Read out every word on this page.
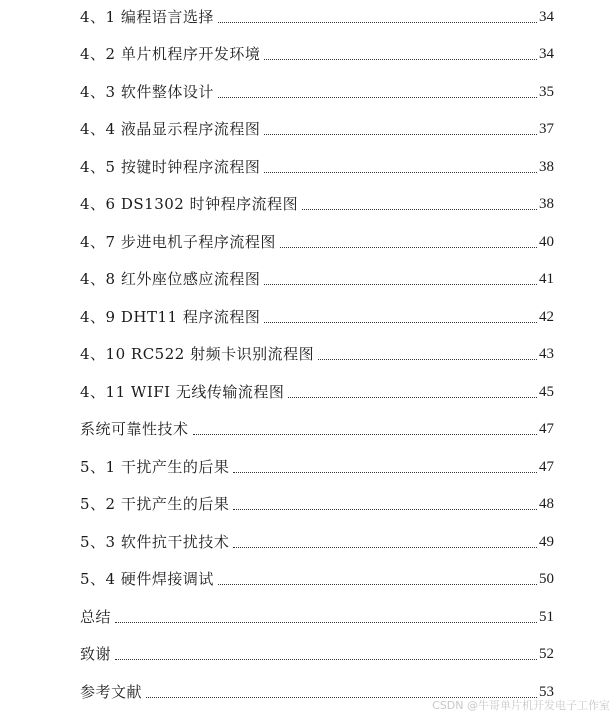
4、1 编程语言选择	34
4、2 单片机程序开发环境	34
4、3 软件整体设计	35
4、4 液晶显示程序流程图	37
4、5 按键时钟程序流程图	38
4、6 DS1302 时钟程序流程图	38
4、7 步进电机子程序流程图	40
4、8 红外座位感应流程图	41
4、9 DHT11 程序流程图	42
4、10 RC522 射频卡识别流程图	43
4、11 WIFI 无线传输流程图	45
系统可靠性技术	47
5、1 干扰产生的后果	47
5、2 干扰产生的后果	48
5、3 软件抗干扰技术	49
5、4 硬件焊接调试	50
总结	51
致谢	52
参考文献	53
CSDN @牛哥单片机开发电子工作室
